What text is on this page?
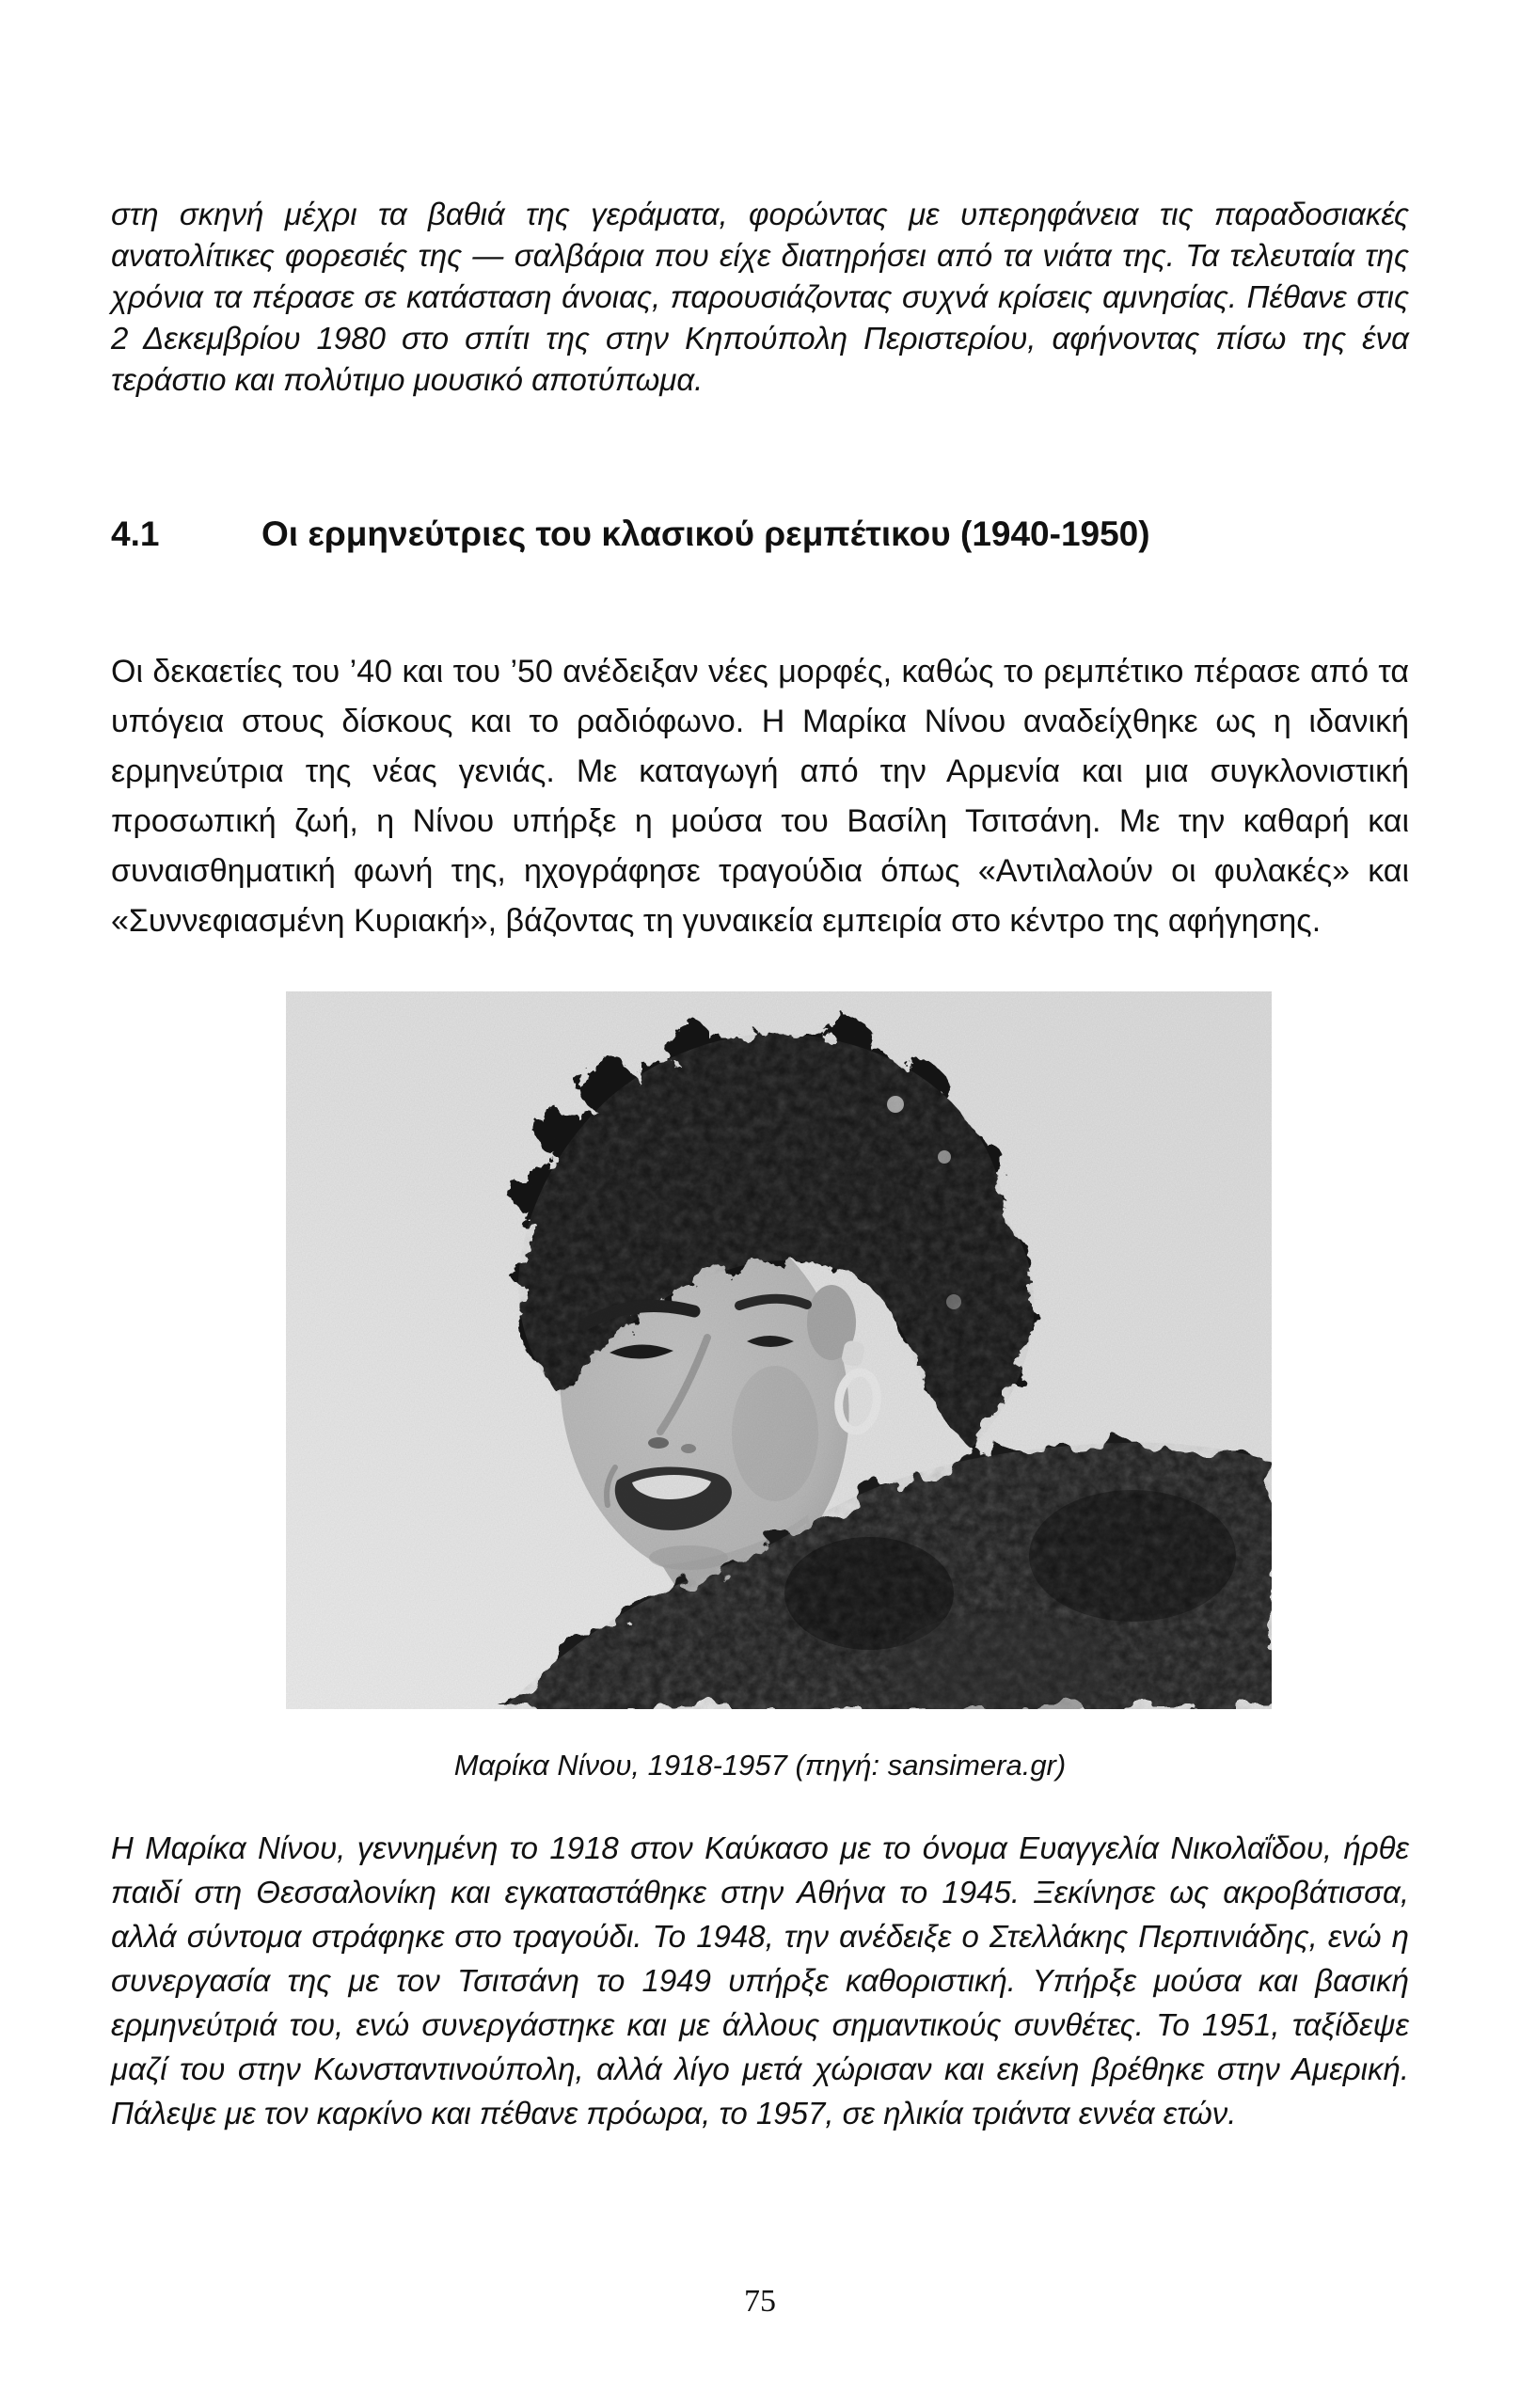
στη σκηνή μέχρι τα βαθιά της γεράματα, φορώντας με υπερηφάνεια τις παραδοσιακές ανατολίτικες φορεσιές της — σαλβάρια που είχε διατηρήσει από τα νιάτα της. Τα τελευταία της χρόνια τα πέρασε σε κατάσταση άνοιας, παρουσιάζοντας συχνά κρίσεις αμνησίας. Πέθανε στις 2 Δεκεμβρίου 1980 στο σπίτι της στην Κηπούπολη Περιστερίου, αφήνοντας πίσω της ένα τεράστιο και πολύτιμο μουσικό αποτύπωμα.

4.1	Οι ερμηνεύτριες του κλασικού ρεμπέτικου (1940-1950)

Οι δεκαετίες του ’40 και του ’50 ανέδειξαν νέες μορφές, καθώς το ρεμπέτικο πέρασε από τα υπόγεια στους δίσκους και το ραδιόφωνο. Η Μαρίκα Νίνου αναδείχθηκε ως η ιδανική ερμηνεύτρια της νέας γενιάς. Με καταγωγή από την Αρμενία και μια συγκλονιστική προσωπική ζωή, η Νίνου υπήρξε η μούσα του Βασίλη Τσιτσάνη. Με την καθαρή και συναισθηματική φωνή της, ηχογράφησε τραγούδια όπως «Αντιλαλούν οι φυλακές» και «Συννεφιασμένη Κυριακή», βάζοντας τη γυναικεία εμπειρία στο κέντρο της αφήγησης.

Μαρίκα Νίνου, 1918-1957 (πηγή: sansimera.gr)

Η Μαρίκα Νίνου, γεννημένη το 1918 στον Καύκασο με το όνομα Ευαγγελία Νικολαΐδου, ήρθε παιδί στη Θεσσαλονίκη και εγκαταστάθηκε στην Αθήνα το 1945. Ξεκίνησε ως ακροβάτισσα, αλλά σύντομα στράφηκε στο τραγούδι. Το 1948, την ανέδειξε ο Στελλάκης Περπινιάδης, ενώ η συνεργασία της με τον Τσιτσάνη το 1949 υπήρξε καθοριστική. Υπήρξε μούσα και βασική ερμηνεύτριά του, ενώ συνεργάστηκε και με άλλους σημαντικούς συνθέτες. Το 1951, ταξίδεψε μαζί του στην Κωνσταντινούπολη, αλλά λίγο μετά χώρισαν και εκείνη βρέθηκε στην Αμερική. Πάλεψε με τον καρκίνο και πέθανε πρόωρα, το 1957, σε ηλικία τριάντα εννέα ετών.

75
